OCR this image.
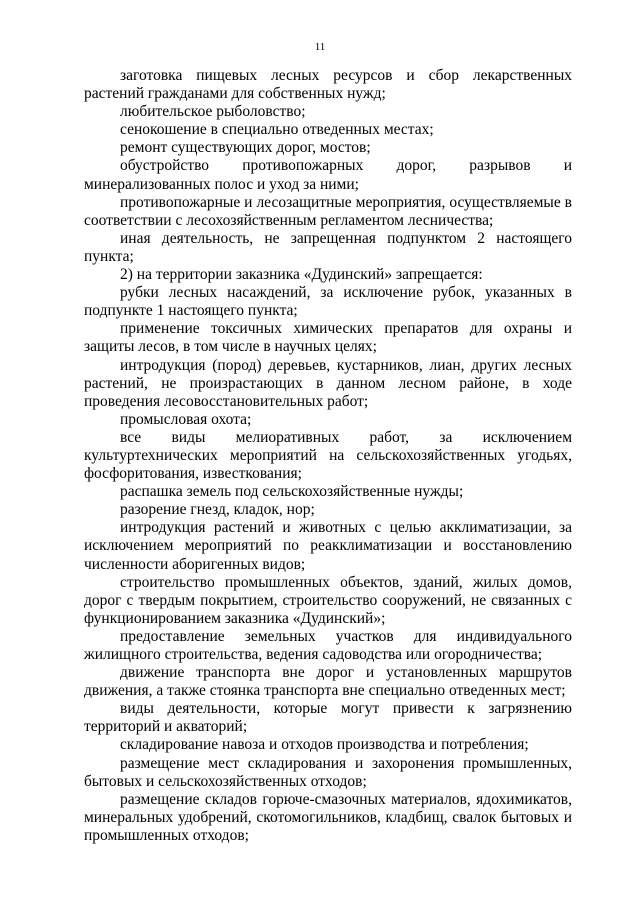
11

заготовка пищевых лесных ресурсов и сбор лекарственных растений гражданами для собственных нужд;

любительское рыболовство;

сенокошение в специально отведенных местах;

ремонт существующих дорог, мостов;

обустройство противопожарных дорог, разрывов и минерализованных полос и уход за ними;

противопожарные и лесозащитные мероприятия, осуществляемые в соответствии с лесохозяйственным регламентом лесничества;

иная деятельность, не запрещенная подпунктом 2 настоящего пункта;

2) на территории заказника «Дудинский» запрещается:

рубки лесных насаждений, за исключение рубок, указанных в подпункте 1 настоящего пункта;

применение токсичных химических препаратов для охраны и защиты лесов, в том числе в научных целях;

интродукция (пород) деревьев, кустарников, лиан, других лесных растений, не произрастающих в данном лесном районе, в ходе проведения лесовосстановительных работ;

промысловая охота;

все виды мелиоративных работ, за исключением культуртехнических мероприятий на сельскохозяйственных угодьях, фосфоритования, известкования;

распашка земель под сельскохозяйственные нужды;

разорение гнезд, кладок, нор;

интродукция растений и животных с целью акклиматизации, за исключением мероприятий по реакклиматизации и восстановлению численности аборигенных видов;

строительство промышленных объектов, зданий, жилых домов, дорог с твердым покрытием, строительство сооружений, не связанных с функционированием заказника «Дудинский»;

предоставление земельных участков для индивидуального жилищного строительства, ведения садоводства или огородничества;

движение транспорта вне дорог и установленных маршрутов движения, а также стоянка транспорта вне специально отведенных мест;

виды деятельности, которые могут привести к загрязнению территорий и акваторий;

складирование навоза и отходов производства и потребления;

размещение мест складирования и захоронения промышленных, бытовых и сельскохозяйственных отходов;

размещение складов горюче-смазочных материалов, ядохимикатов, минеральных удобрений, скотомогильников, кладбищ, свалок бытовых и промышленных отходов;
